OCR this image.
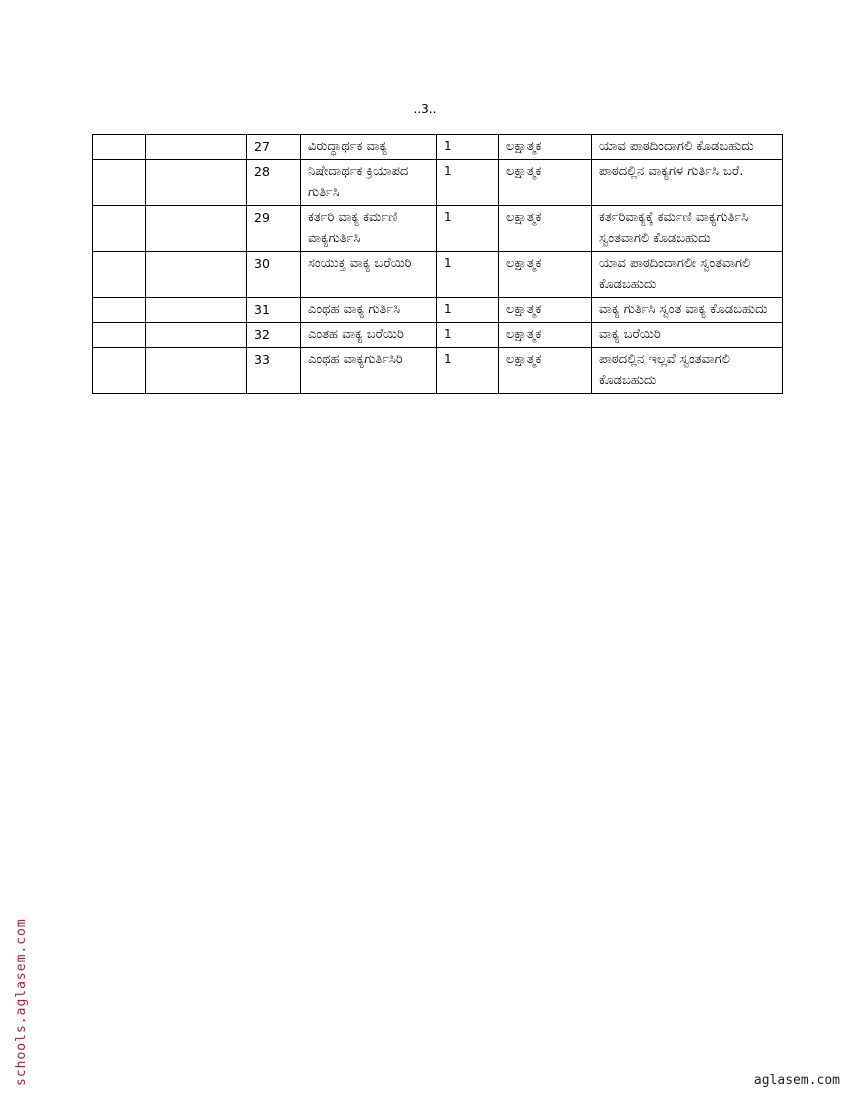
..3..
		27	ವಿರುದ್ಧಾರ್ಥಕ ವಾಕ್ಯ	1	ಲಕ್ಷಾತ್ಮಕ	ಯಾವ ಪಾಠದಿಂದಾಗಲಿ ಕೊಡಬಹುದು
		28	ನಿಷೇದಾರ್ಥಕ ಕ್ರಿಯಾಪದ ಗುರ್ತಿಸಿ	1	ಲಕ್ಷಾತ್ಮಕ	ಪಾಠದಲ್ಲಿನ ವಾಕ್ಯಗಳ ಗುರ್ತಿಸಿ ಬರೆ.
		29	ಕರ್ತರಿ ವಾಕ್ಯ ಕರ್ಮಣಿ ವಾಕ್ಯಗುರ್ತಿಸಿ	1	ಲಕ್ಷಾತ್ಮಕ	ಕರ್ತರಿವಾಕ್ಯಕ್ಕೆ ಕರ್ಮಣಿ ವಾಕ್ಯಗುರ್ತಿಸಿ ಸ್ವಂತವಾಗಲಿ ಕೊಡಬಹುದು
		30	ಸಂಯುಕ್ತ ವಾಕ್ಯ ಬರೆಯಿರಿ	1	ಲಕ್ಷಾತ್ಮಕ	ಯಾವ ಪಾಠದಿಂದಾಗಲೀ ಸ್ವಂತವಾಗಲಿ ಕೊಡಬಹುದು
		31	ಎಂಥಹ ವಾಕ್ಯ ಗುರ್ತಿಸಿ	1	ಲಕ್ಷಾತ್ಮಕ	ವಾಕ್ಯ ಗುರ್ತಿಸಿ ಸ್ವಂತ ವಾಕ್ಯ ಕೊಡಬಹುದು
		32	ಎಂತಹ ವಾಕ್ಯ ಬರೆಯಿರಿ	1	ಲಕ್ಷಾತ್ಮಕ	ವಾಕ್ಯ ಬರೆಯಿರಿ
		33	ಎಂಥಹ ವಾಕ್ಯಗುರ್ತಿಸಿರಿ	1	ಲಕ್ಷಾತ್ಮಕ	ಪಾಠದಲ್ಲಿನ ಇಲ್ಲವೆ ಸ್ವಂತವಾಗಲಿ ಕೊಡಬಹುದು
schools.aglasem.com	aglasem.com
